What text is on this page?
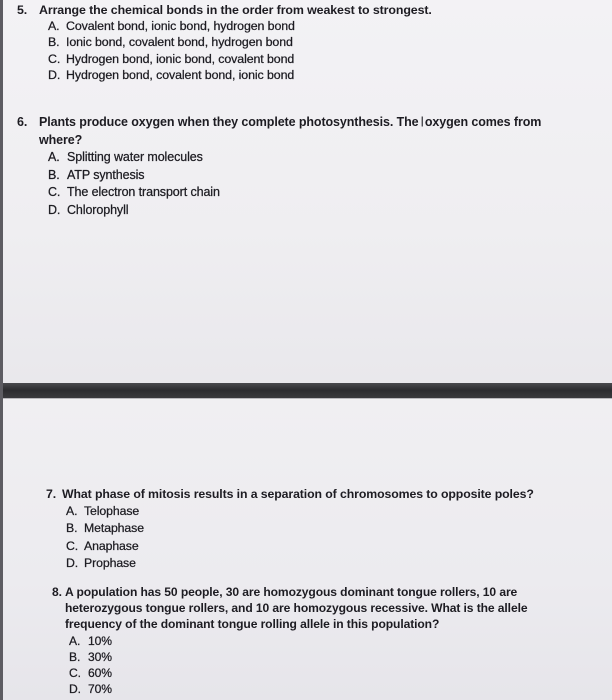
5. Arrange the chemical bonds in the order from weakest to strongest.
A. Covalent bond, ionic bond, hydrogen bond
B. Ionic bond, covalent bond, hydrogen bond
C. Hydrogen bond, ionic bond, covalent bond
D. Hydrogen bond, covalent bond, ionic bond
6. Plants produce oxygen when they complete photosynthesis. The Ioxygen comes from where?
A. Splitting water molecules
B. ATP synthesis
C. The electron transport chain
D. Chlorophyll
7. What phase of mitosis results in a separation of chromosomes to opposite poles?
A. Telophase
B. Metaphase
C. Anaphase
D. Prophase
8. A population has 50 people, 30 are homozygous dominant tongue rollers, 10 are heterozygous tongue rollers, and 10 are homozygous recessive. What is the allele frequency of the dominant tongue rolling allele in this population?
A. 10%
B. 30%
C. 60%
D. 70%
